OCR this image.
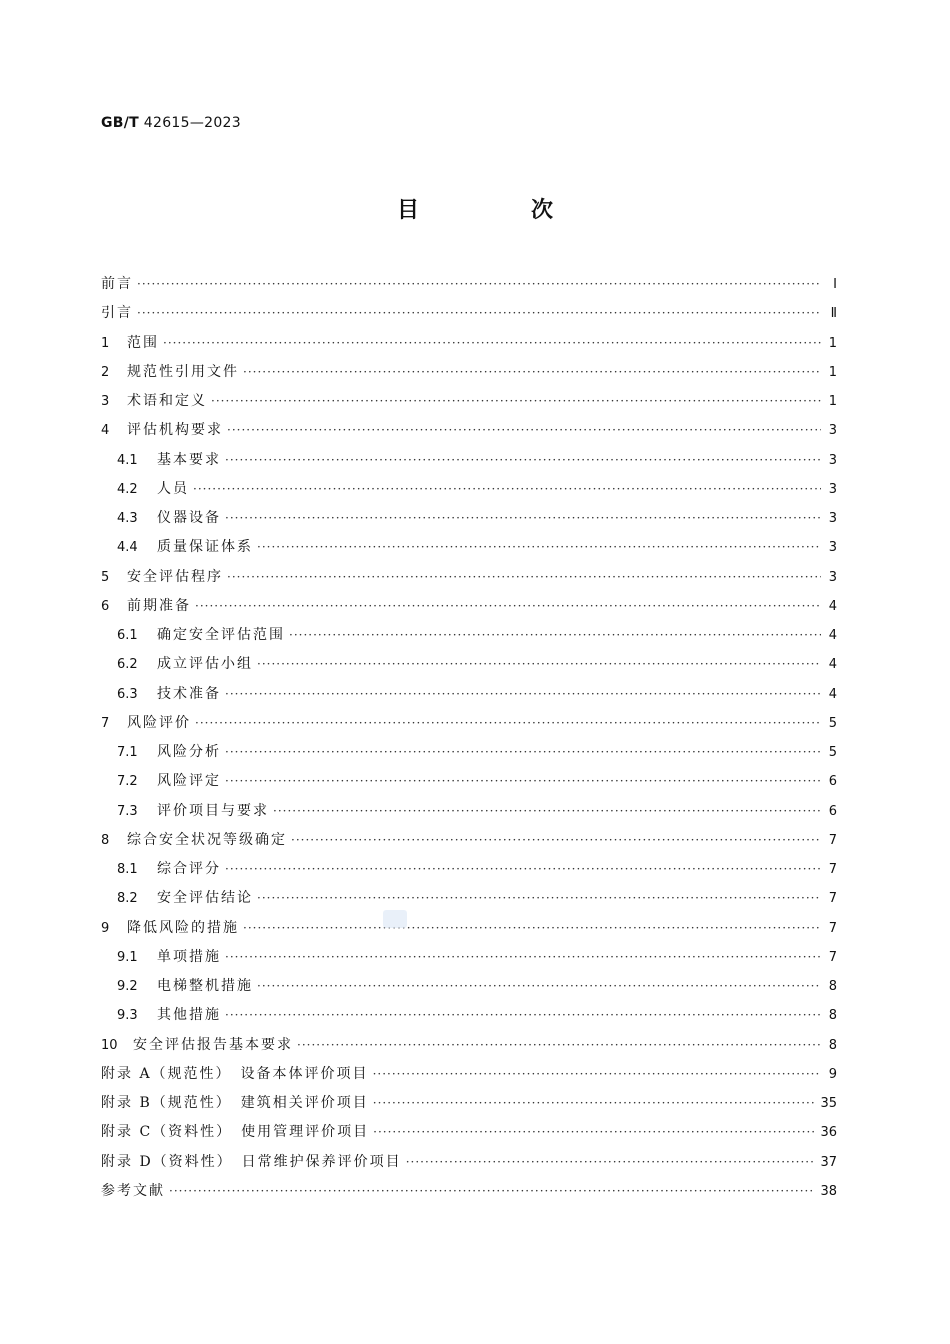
GB/T 42615—2023
目　次
前言 ·····	Ⅰ
引言 ·····	Ⅱ
1	范围 ·····	1
2	规范性引用文件 ·····	1
3	术语和定义 ·····	1
4	评估机构要求 ·····	3
4.1	基本要求 ·····	3
4.2	人员 ·····	3
4.3	仪器设备 ·····	3
4.4	质量保证体系 ·····	3
5	安全评估程序 ·····	3
6	前期准备 ·····	4
6.1	确定安全评估范围 ·····	4
6.2	成立评估小组 ·····	4
6.3	技术准备 ·····	4
7	风险评价 ·····	5
7.1	风险分析 ·····	5
7.2	风险评定 ·····	6
7.3	评价项目与要求 ·····	6
8	综合安全状况等级确定 ·····	7
8.1	综合评分 ·····	7
8.2	安全评估结论 ·····	7
9	降低风险的措施 ·····	7
9.1	单项措施 ·····	7
9.2	电梯整机措施 ·····	8
9.3	其他措施 ·····	8
10	安全评估报告基本要求 ·····	8
附录 A（规范性）　设备本体评价项目 ·····	9
附录 B（规范性）　建筑相关评价项目 ·····	35
附录 C（资料性）　使用管理评价项目 ·····	36
附录 D（资料性）　日常维护保养评价项目 ·····	37
参考文献 ·····	38
